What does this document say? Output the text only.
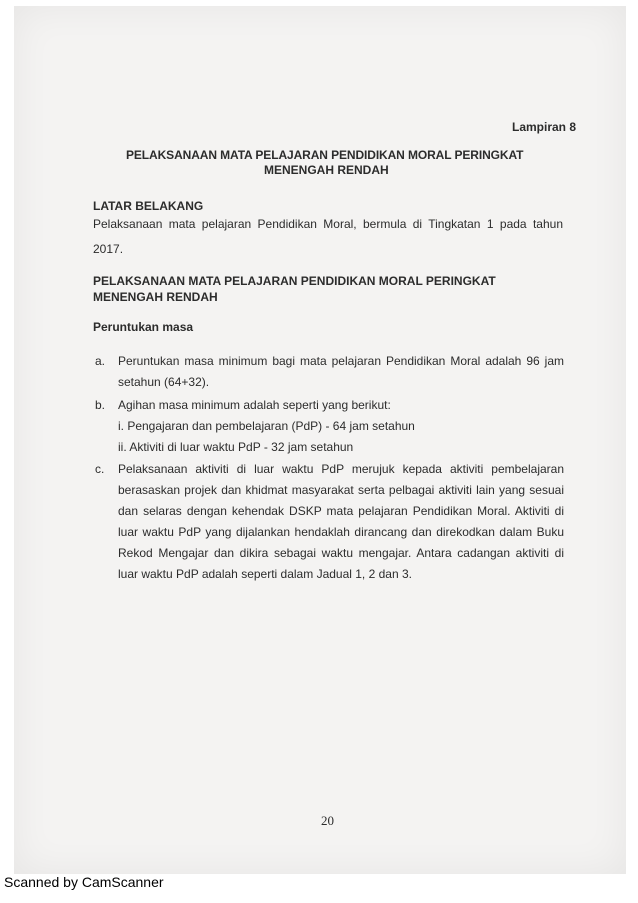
Lampiran 8
PELAKSANAAN MATA PELAJARAN PENDIDIKAN MORAL PERINGKAT
MENENGAH RENDAH
LATAR BELAKANG
Pelaksanaan mata pelajaran Pendidikan Moral, bermula di Tingkatan 1 pada tahun
2017.
PELAKSANAAN MATA PELAJARAN PENDIDIKAN MORAL PERINGKAT
MENENGAH RENDAH
Peruntukan masa
a. Peruntukan masa minimum bagi mata pelajaran Pendidikan Moral adalah 96 jam
setahun (64+32).
b. Agihan masa minimum adalah seperti yang berikut:
i. Pengajaran dan pembelajaran (PdP) - 64 jam setahun
ii. Aktiviti di luar waktu PdP - 32 jam setahun
c. Pelaksanaan aktiviti di luar waktu PdP merujuk kepada aktiviti pembelajaran
berasaskan projek dan khidmat masyarakat serta pelbagai aktiviti lain yang sesuai
dan selaras dengan kehendak DSKP mata pelajaran Pendidikan Moral. Aktiviti di
luar waktu PdP yang dijalankan hendaklah dirancang dan direkodkan dalam Buku
Rekod Mengajar dan dikira sebagai waktu mengajar. Antara cadangan aktiviti di
luar waktu PdP adalah seperti dalam Jadual 1, 2 dan 3.
20
Scanned by CamScanner
